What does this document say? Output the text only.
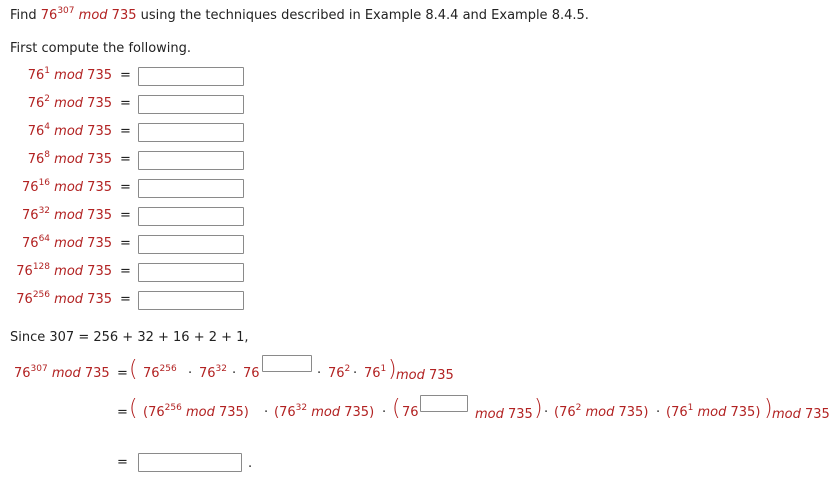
Find $76^{307}$ mod 735 using the techniques described in Example 8.4.4 and Example 8.4.5.
First compute the following.
$76^1$ mod 735 =
$76^2$ mod 735 =
$76^4$ mod 735 =
$76^8$ mod 735 =
$76^{16}$ mod 735 =
$76^{32}$ mod 735 =
$76^{64}$ mod 735 =
$76^{128}$ mod 735 =
$76^{256}$ mod 735 =
Since 307 = 256 + 32 + 16 + 2 + 1,
$76^{307}$ mod 735 = ( $76^{256} \cdot 76^{32} \cdot 76$	· $76^2 \cdot 76^1$ ) mod 735
= ( ($76^{256}$ mod $735) \cdot (76^{32}$ mod 735) · ( 76	mod 735 ) · ($76^2$ mod $735) \cdot (76^1$ mod 735) ) mod 735
=	.
